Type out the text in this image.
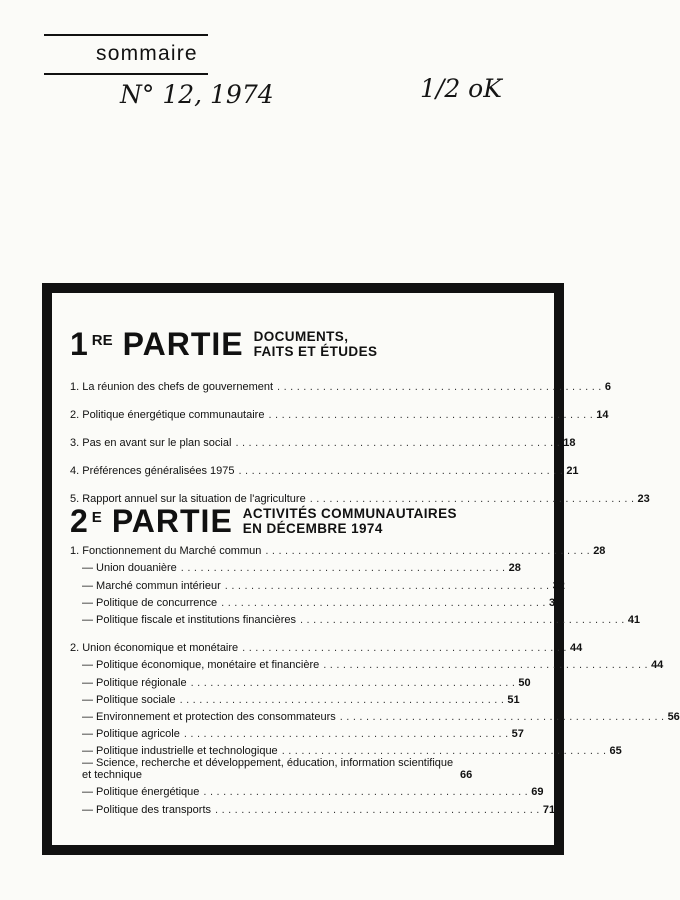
sommaire
N° 12, 1974	1/2 oK
1 RE PARTIE DOCUMENTS,
FAITS ET ÉTUDES
1. La réunion des chefs de gouvernement .................................................. 6
2. Politique énergétique communautaire .................................................. 14
3. Pas en avant sur le plan social .................................................. 18
4. Préférences généralisées 1975 .................................................. 21
5. Rapport annuel sur la situation de l'agriculture .................................................. 23
2 E PARTIE ACTIVITÉS COMMUNAUTAIRES
EN DÉCEMBRE 1974
1. Fonctionnement du Marché commun .................................................. 28
— Union douanière .................................................. 28
— Marché commun intérieur .................................................. 32
— Politique de concurrence .................................................. 34
— Politique fiscale et institutions financières .................................................. 41
2. Union économique et monétaire .................................................. 44
— Politique économique, monétaire et financière .................................................. 44
— Politique régionale .................................................. 50
— Politique sociale .................................................. 51
— Environnement et protection des consommateurs .................................................. 56
— Politique agricole .................................................. 57
— Politique industrielle et technologique .................................................. 65
— Science, recherche et développement, éducation, information scientifique et technique	66
— Politique énergétique .................................................. 69
— Politique des transports .................................................. 71
